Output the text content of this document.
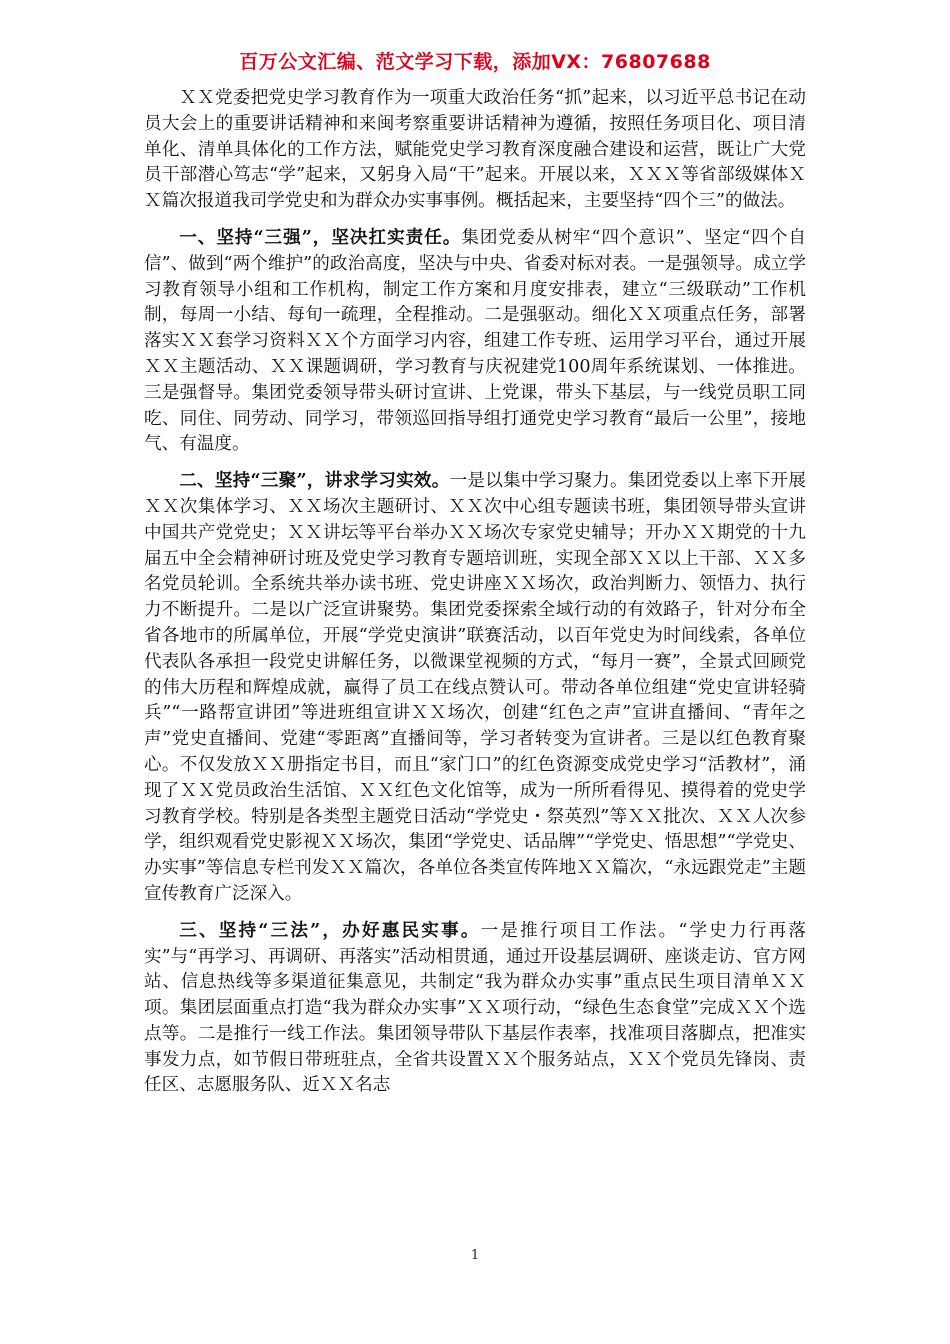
百万公文汇编、范文学习下载，添加VX：76807688

ＸＸ党委把党史学习教育作为一项重大政治任务“抓”起来，以习近平总书记在动员大会上的重要讲话精神和来闽考察重要讲话精神为遵循，按照任务项目化、项目清单化、清单具体化的工作方法，赋能党史学习教育深度融合建设和运营，既让广大党员干部潜心笃志“学”起来，又躬身入局“干”起来。开展以来，ＸＸＸ等省部级媒体ＸＸ篇次报道我司学党史和为群众办实事事例。概括起来，主要坚持“四个三”的做法。

一、坚持“三强”，坚决扛实责任。集团党委从树牢“四个意识”、坚定“四个自信”、做到“两个维护”的政治高度，坚决与中央、省委对标对表。一是强领导。成立学习教育领导小组和工作机构，制定工作方案和月度安排表，建立“三级联动”工作机制，每周一小结、每旬一疏理，全程推动。二是强驱动。细化ＸＸ项重点任务，部署落实ＸＸ套学习资料ＸＸ个方面学习内容，组建工作专班、运用学习平台，通过开展ＸＸ主题活动、ＸＸ课题调研，学习教育与庆祝建党100周年系统谋划、一体推进。三是强督导。集团党委领导带头研讨宣讲、上党课，带头下基层，与一线党员职工同吃、同住、同劳动、同学习，带领巡回指导组打通党史学习教育“最后一公里”，接地气、有温度。

二、坚持“三聚”，讲求学习实效。一是以集中学习聚力。集团党委以上率下开展ＸＸ次集体学习、ＸＸ场次主题研讨、ＸＸ次中心组专题读书班，集团领导带头宣讲中国共产党党史；ＸＸ讲坛等平台举办ＸＸ场次专家党史辅导；开办ＸＸ期党的十九届五中全会精神研讨班及党史学习教育专题培训班，实现全部ＸＸ以上干部、ＸＸ多名党员轮训。全系统共举办读书班、党史讲座ＸＸ场次，政治判断力、领悟力、执行力不断提升。二是以广泛宣讲聚势。集团党委探索全域行动的有效路子，针对分布全省各地市的所属单位，开展“学党史演讲”联赛活动，以百年党史为时间线索，各单位代表队各承担一段党史讲解任务，以微课堂视频的方式，“每月一赛”，全景式回顾党的伟大历程和辉煌成就，赢得了员工在线点赞认可。带动各单位组建“党史宣讲轻骑兵”“一路帮宣讲团”等进班组宣讲ＸＸ场次，创建“红色之声”宣讲直播间、“青年之声”党史直播间、党建“零距离”直播间等，学习者转变为宣讲者。三是以红色教育聚心。不仅发放ＸＸ册指定书目，而且“家门口”的红色资源变成党史学习“活教材”，涌现了ＸＸ党员政治生活馆、ＸＸ红色文化馆等，成为一所所看得见、摸得着的党史学习教育学校。特别是各类型主题党日活动“学党史・祭英烈”等ＸＸ批次、ＸＸ人次参学，组织观看党史影视ＸＸ场次，集团“学党史、话品牌”“学党史、悟思想”“学党史、办实事”等信息专栏刊发ＸＸ篇次，各单位各类宣传阵地ＸＸ篇次，“永远跟党走”主题宣传教育广泛深入。

三、坚持“三法”，办好惠民实事。一是推行项目工作法。“学史力行再落实”与“再学习、再调研、再落实”活动相贯通，通过开设基层调研、座谈走访、官方网站、信息热线等多渠道征集意见，共制定“我为群众办实事”重点民生项目清单ＸＸ项。集团层面重点打造“我为群众办实事”ＸＸ项行动，“绿色生态食堂”完成ＸＸ个选点等。二是推行一线工作法。集团领导带队下基层作表率，找准项目落脚点，把准实事发力点，如节假日带班驻点，全省共设置ＸＸ个服务站点，ＸＸ个党员先锋岗、责任区、志愿服务队、近ＸＸ名志

1
